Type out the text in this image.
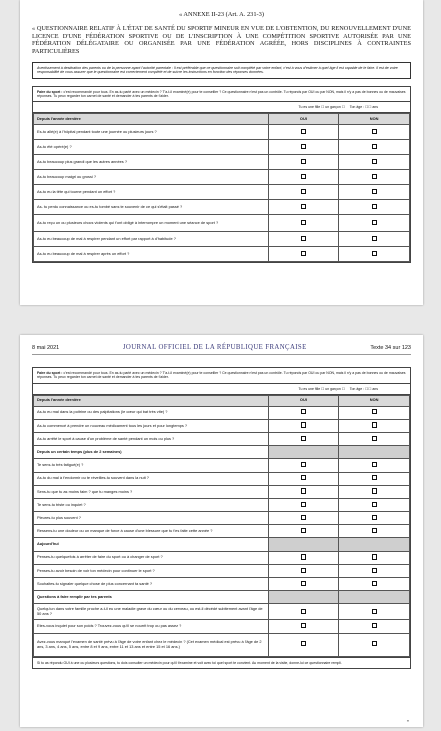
« ANNEXE II-23 (Art. A. 231-3)
« QUESTIONNAIRE RELATIF À L'ÉTAT DE SANTÉ DU SPORTIF MINEUR EN VUE DE L'OBTENTION, DU RENOUVELLEMENT D'UNE LICENCE D'UNE FÉDÉRATION SPORTIVE OU DE L'INSCRIPTION À UNE COMPÉTITION SPORTIVE AUTORISÉE PAR UNE FÉDÉRATION DÉLÉGATAIRE OU ORGANISÉE PAR UNE FÉDÉRATION AGRÉÉE, HORS DISCIPLINES À CONTRAINTES PARTICULIÈRES
Avertissement à destination des parents ou de la personne ayant l'autorité parentale : Il est préférable que ce questionnaire soit complété par votre enfant, c'est à vous d'estimer à quel âge il est capable de le faire. Il est de votre responsabilité de vous assurer que le questionnaire est correctement complété et de suivre les instructions en fonction des réponses données.
Faire du sport : c'est recommandé pour tous. En as-tu parlé avec un médecin ? T'a-t-il examiné(e) pour te conseiller ? Ce questionnaire n'est pas un contrôle. Tu réponds par OUI ou par NON, mais il n'y a pas de bonnes ou de mauvaises réponses. Tu peux regarder ton carnet de santé et demander à tes parents de t'aider.
Tu es une fille ☐ un garçon ☐ Ton âge : ☐☐ ans
Depuis l'année dernière	OUI	NON
Es-tu allé(e) à l'hôpital pendant toute une journée ou plusieurs jours ?		
As-tu été opéré(e) ?		
As-tu beaucoup plus grandi que les autres années ?		
As-tu beaucoup maigri ou grossi ?		
As-tu eu la tête qui tourne pendant un effort ?		
As- tu perdu connaissance ou es-tu tombé sans te souvenir de ce qui s'était passé ?		
As-tu reçu un ou plusieurs chocs violents qui t'ont obligé à interrompre un moment une séance de sport ?		
As-tu eu beaucoup de mal à respirer pendant un effort par rapport à d'habitude ?		
As-tu eu beaucoup de mal à respirer après un effort ?		
8 mai 2021	JOURNAL OFFICIEL DE LA RÉPUBLIQUE FRANÇAISE	Texte 34 sur 123
Faire du sport : c'est recommandé pour tous. En as-tu parlé avec un médecin ? T'a-t-il examiné(e) pour te conseiller ? Ce questionnaire n'est pas un contrôle. Tu réponds par OUI ou par NON, mais il n'y a pas de bonnes ou de mauvaises réponses. Tu peux regarder ton carnet de santé et demander à tes parents de t'aider.
Tu es une fille ☐ un garçon ☐ Ton âge : ☐☐ ans
Depuis l'année dernière	OUI	NON
As-tu eu mal dans la poitrine ou des palpitations (le cœur qui bat très vite) ?		
As-tu commencé à prendre un nouveau médicament tous les jours et pour longtemps ?		
As-tu arrêté le sport à cause d'un problème de santé pendant un mois ou plus ?		
Depuis un certain temps (plus de 2 semaines)		
Te sens-tu très fatigué(e) ?		
As-tu du mal à t'endormir ou te réveilles-tu souvent dans la nuit ?		
Sens-tu que tu as moins faim ? que tu manges moins ?		
Te sens-tu triste ou inquiet ?		
Pleures-tu plus souvent ?		
Ressens-tu une douleur ou un manque de force à cause d'une blessure que tu t'es faite cette année ?		
Aujourd'hui		
Penses-tu quelquefois à arrêter de faire du sport ou à changer de sport ?		
Penses-tu avoir besoin de voir ton médecin pour continuer le sport ?		
Souhaites-tu signaler quelque chose de plus concernant ta santé ?		
Questions à faire remplir par tes parents		
Quelqu'un dans votre famille proche a-t-il eu une maladie grave du cœur ou du cerveau, ou est-il décédé subitement avant l'âge de 50 ans ?		
Etes-vous inquiet pour son poids ? Trouvez-vous qu'il se nourrit trop ou pas assez ?		
Avez-vous manqué l'examen de santé prévu à l'âge de votre enfant chez le médecin ? (Cet examen médical est prévu à l'âge de 2 ans, 3 ans, 4 ans, 5 ans, entre 8 et 9 ans, entre 11 et 13 ans et entre 15 et 16 ans.)		
Si tu as répondu OUI à une ou plusieurs questions, tu dois consulter un médecin pour qu'il t'examine et voit avec toi quel sport te convient. Au moment de la visite, donne-lui ce questionnaire rempli.
»
